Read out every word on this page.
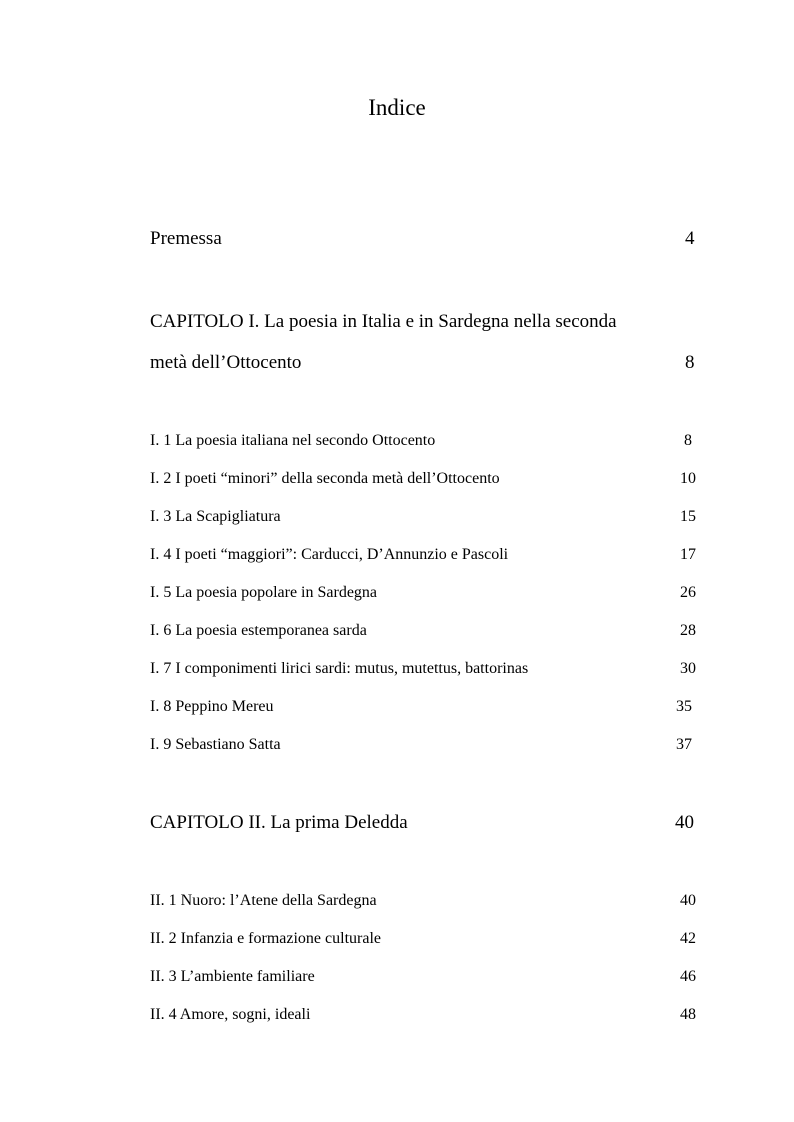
Indice
Premessa	4
CAPITOLO I. La poesia in Italia e in Sardegna nella seconda
metà dell’Ottocento	8
I. 1 La poesia italiana nel secondo Ottocento	8
I. 2 I poeti “minori” della seconda metà dell’Ottocento	10
I. 3 La Scapigliatura	15
I. 4 I poeti “maggiori”: Carducci, D’Annunzio e Pascoli	17
I. 5 La poesia popolare in Sardegna	26
I. 6 La poesia estemporanea sarda	28
I. 7 I componimenti lirici sardi: mutus, mutettus, battorinas	30
I. 8 Peppino Mereu	35
I. 9 Sebastiano Satta	37
CAPITOLO II. La prima Deledda	40
II. 1 Nuoro: l’Atene della Sardegna	40
II. 2 Infanzia e formazione culturale	42
II. 3 L’ambiente familiare	46
II. 4 Amore, sogni, ideali	48
